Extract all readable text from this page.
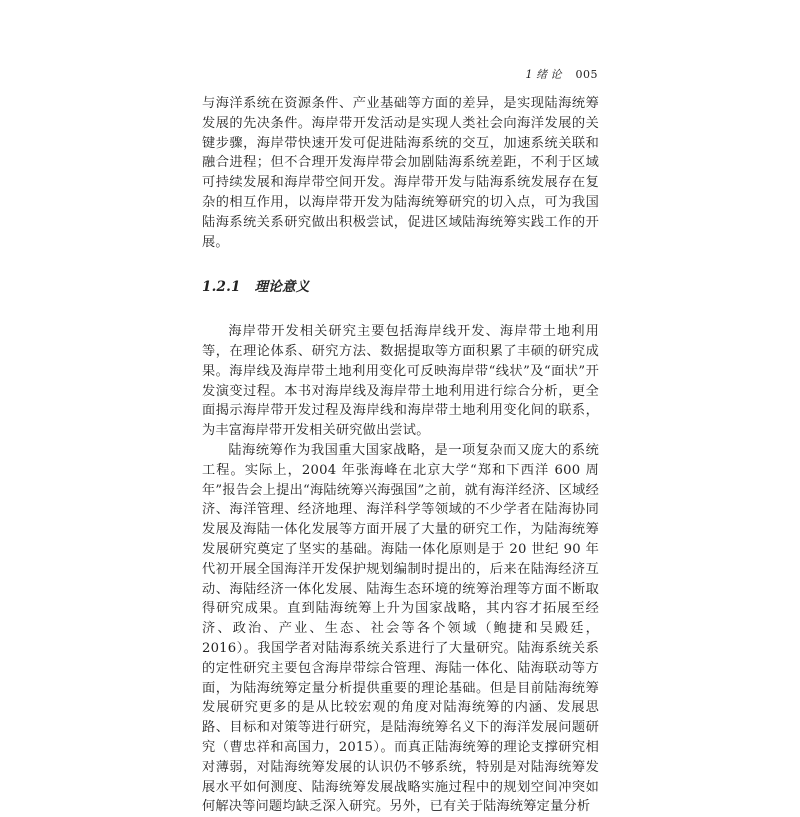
1 绪 论 005

与海洋系统在资源条件、产业基础等方面的差异，是实现陆海统筹发展的先决条件。海岸带开发活动是实现人类社会向海洋发展的关键步骤，海岸带快速开发可促进陆海系统的交互，加速系统关联和融合进程；但不合理开发海岸带会加剧陆海系统差距，不利于区域可持续发展和海岸带空间开发。海岸带开发与陆海系统发展存在复杂的相互作用，以海岸带开发为陆海统筹研究的切入点，可为我国陆海系统关系研究做出积极尝试，促进区域陆海统筹实践工作的开展。

1.2.1 理论意义

海岸带开发相关研究主要包括海岸线开发、海岸带土地利用等，在理论体系、研究方法、数据提取等方面积累了丰硕的研究成果。海岸线及海岸带土地利用变化可反映海岸带“线状”及“面状”开发演变过程。本书对海岸线及海岸带土地利用进行综合分析，更全面揭示海岸带开发过程及海岸线和海岸带土地利用变化间的联系，为丰富海岸带开发相关研究做出尝试。

陆海统筹作为我国重大国家战略，是一项复杂而又庞大的系统工程。实际上，2004 年张海峰在北京大学“郑和下西洋 600 周年”报告会上提出“海陆统筹兴海强国”之前，就有海洋经济、区域经济、海洋管理、经济地理、海洋科学等领域的不少学者在陆海协同发展及海陆一体化发展等方面开展了大量的研究工作，为陆海统筹发展研究奠定了坚实的基础。海陆一体化原则是于 20 世纪 90 年代初开展全国海洋开发保护规划编制时提出的，后来在陆海经济互动、海陆经济一体化发展、陆海生态环境的统筹治理等方面不断取得研究成果。直到陆海统筹上升为国家战略，其内容才拓展至经济、政治、产业、生态、社会等各个领域（鲍捷和吴殿廷，2016）。我国学者对陆海系统关系进行了大量研究。陆海系统关系的定性研究主要包含海岸带综合管理、海陆一体化、陆海联动等方面，为陆海统筹定量分析提供重要的理论基础。但是目前陆海统筹发展研究更多的是从比较宏观的角度对陆海统筹的内涵、发展思路、目标和对策等进行研究，是陆海统筹名义下的海洋发展问题研究（曹忠祥和高国力，2015）。而真正陆海统筹的理论支撑研究相对薄弱，对陆海统筹发展的认识仍不够系统，特别是对陆海统筹发展水平如何测度、陆海统筹发展战略实施过程中的规划空间冲突如何解决等问题均缺乏深入研究。另外，已有关于陆海统筹定量分析
